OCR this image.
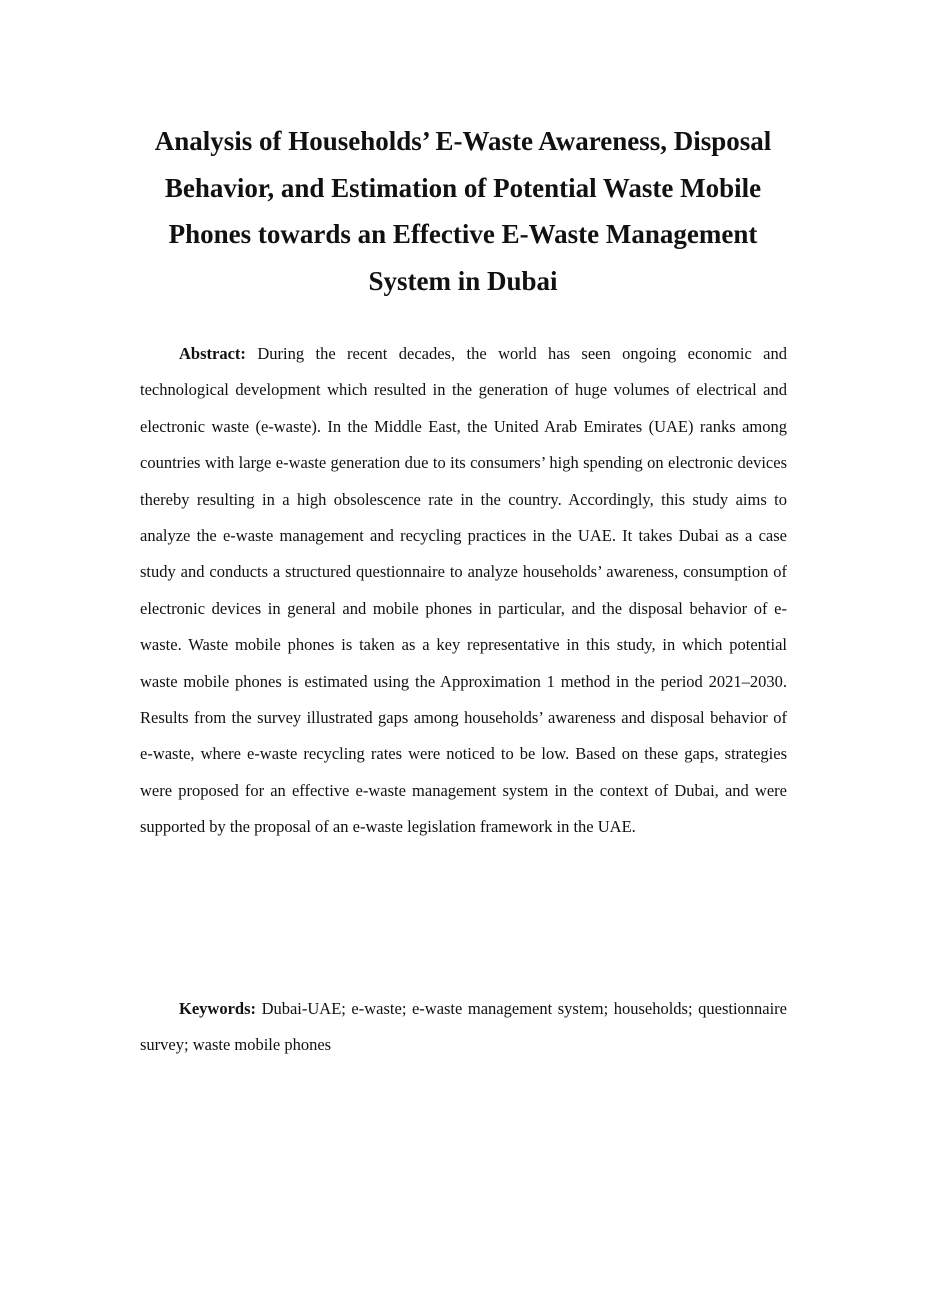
Analysis of Households’ E-Waste Awareness, Disposal Behavior, and Estimation of Potential Waste Mobile Phones towards an Effective E-Waste Management System in Dubai

Abstract: During the recent decades, the world has seen ongoing economic and technological development which resulted in the generation of huge volumes of electrical and electronic waste (e-waste). In the Middle East, the United Arab Emirates (UAE) ranks among countries with large e-waste generation due to its consumers’ high spending on electronic devices thereby resulting in a high obsolescence rate in the country. Accordingly, this study aims to analyze the e-waste management and recycling practices in the UAE. It takes Dubai as a case study and conducts a structured questionnaire to analyze households’ awareness, consumption of electronic devices in general and mobile phones in particular, and the disposal behavior of e-waste. Waste mobile phones is taken as a key representative in this study, in which potential waste mobile phones is estimated using the Approximation 1 method in the period 2021–2030. Results from the survey illustrated gaps among households’ awareness and disposal behavior of e-waste, where e-waste recycling rates were noticed to be low. Based on these gaps, strategies were proposed for an effective e-waste management system in the context of Dubai, and were supported by the proposal of an e-waste legislation framework in the UAE.

Keywords: Dubai-UAE; e-waste; e-waste management system; households; questionnaire survey; waste mobile phones
